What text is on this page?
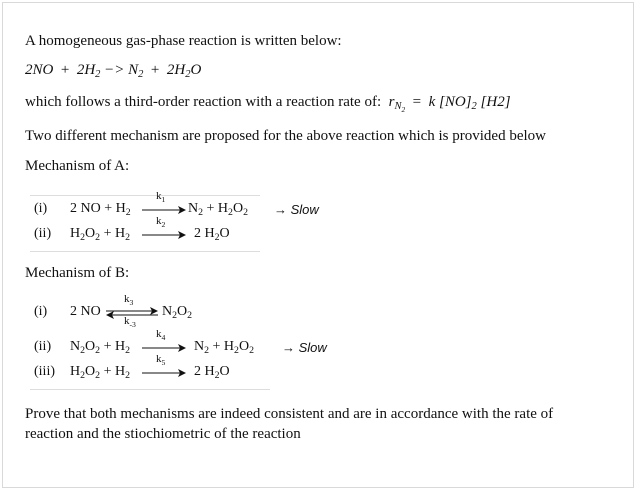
A homogeneous gas-phase reaction is written below:
$2NO + 2H_2 -> N_2 + 2H_2O$
which follows a third-order reaction with a reaction rate of: $r_{N_2} = k$ $[NO]_2$ [H2]
Two different mechanism are proposed for the above reaction which is provided below
Mechanism of A:
(i) 2 NO + $H_2$
$k_1$
$N_2 + H_2O_2$ → Slow
(ii) $H_2O_2 + H_2$
$k_2$
2 $H_2O$
Mechanism of B:
(i) 2 NO
$k_3$
$k_{-3}$
$N_2O_2$
(ii) $N_2O_2 + H_2$
$k_4$
$N_2 + H_2O_2$ → Slow
(iii) $H_2O_2 + H_2$
$k_5$
2 $H_2O$
Prove that both mechanisms are indeed consistent and are in accordance with the rate of
reaction and the stiochiometric of the reaction
